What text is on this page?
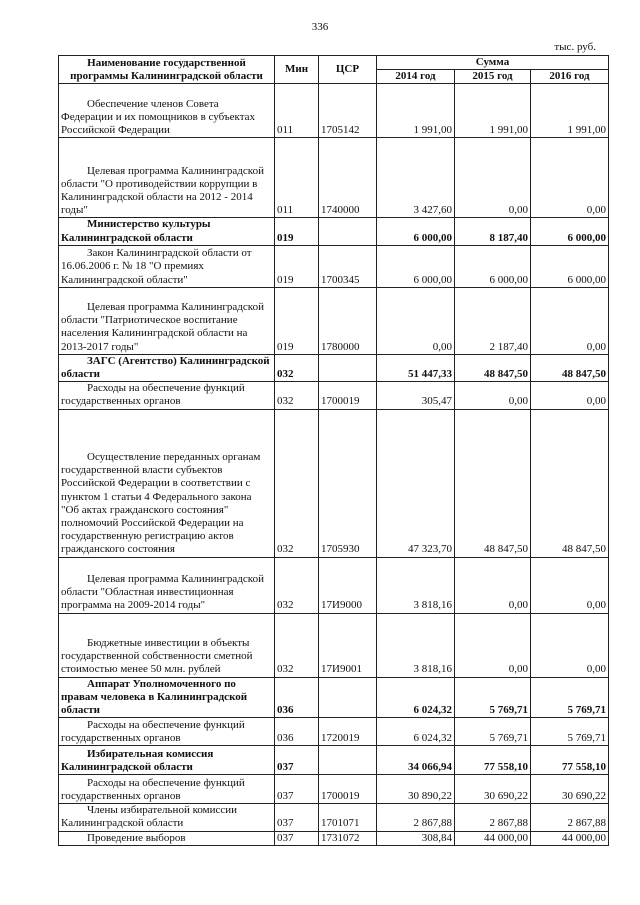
336
тыс. руб.
Наименование государственной программы Калининградской области	Мин	ЦСР	Сумма		
			2014 год	2015 год	2016 год
Обеспечение членов Совета Федерации и их помощников в субъектах Российской Федерации	011	1705142	1 991,00	1 991,00	1 991,00
Целевая программа Калининградской области "О противодействии коррупции в Калининградской области на 2012 - 2014 годы"	011	1740000	3 427,60	0,00	0,00
Министерство культуры Калининградской области	019		6 000,00	8 187,40	6 000,00
Закон Калининградской области от 16.06.2006 г. № 18 "О премиях Калининградской области"	019	1700345	6 000,00	6 000,00	6 000,00
Целевая программа Калининградской области "Патриотическое воспитание населения Калининградской области на 2013-2017 годы"	019	1780000	0,00	2 187,40	0,00
ЗАГС (Агентство) Калининградской области	032		51 447,33	48 847,50	48 847,50
Расходы на обеспечение функций государственных органов	032	1700019	305,47	0,00	0,00
Осуществление переданных органам государственной власти субъектов Российской Федерации в соответствии с пунктом 1 статьи 4 Федерального закона "Об актах гражданского состояния" полномочий Российской Федерации на государственную регистрацию актов гражданского состояния	032	1705930	47 323,70	48 847,50	48 847,50
Целевая программа Калининградской области "Областная инвестиционная программа на 2009-2014 годы"	032	17И9000	3 818,16	0,00	0,00
Бюджетные инвестиции в объекты государственной собственности сметной стоимостью менее 50 млн. рублей	032	17И9001	3 818,16	0,00	0,00
Аппарат Уполномоченного по правам человека в Калининградской области	036		6 024,32	5 769,71	5 769,71
Расходы на обеспечение функций государственных органов	036	1720019	6 024,32	5 769,71	5 769,71
Избирательная комиссия Калининградской области	037		34 066,94	77 558,10	77 558,10
Расходы на обеспечение функций государственных органов	037	1700019	30 890,22	30 690,22	30 690,22
Члены избирательной комиссии Калининградской области	037	1701071	2 867,88	2 867,88	2 867,88
Проведение выборов	037	1731072	308,84	44 000,00	44 000,00
